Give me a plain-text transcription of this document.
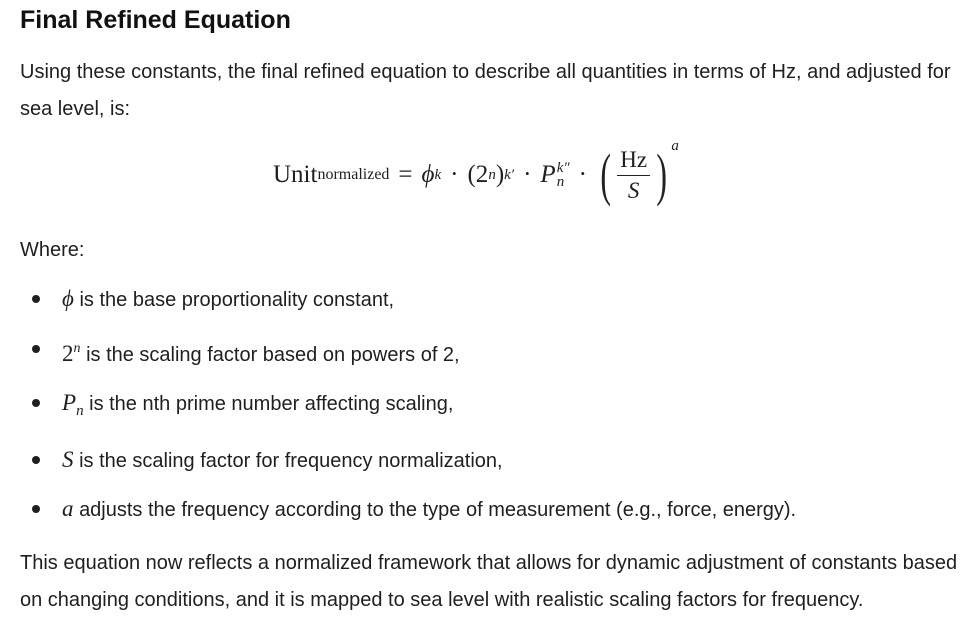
Final Refined Equation

Using these constants, the final refined equation to describe all quantities in terms of Hz, and adjusted for sea level, is:

Unit normalized = ϕ k · (2 n ) k′ · P k″
n · ( $\frac{Hz}{S}$ ) a

Where:

ϕ is the base proportionality constant,
2$^n$ is the scaling factor based on powers of 2,
$P_n$ is the nth prime number affecting scaling,
S is the scaling factor for frequency normalization,
a adjusts the frequency according to the type of measurement (e.g., force, energy).

This equation now reflects a normalized framework that allows for dynamic adjustment of constants based on changing conditions, and it is mapped to sea level with realistic scaling factors for frequency.
